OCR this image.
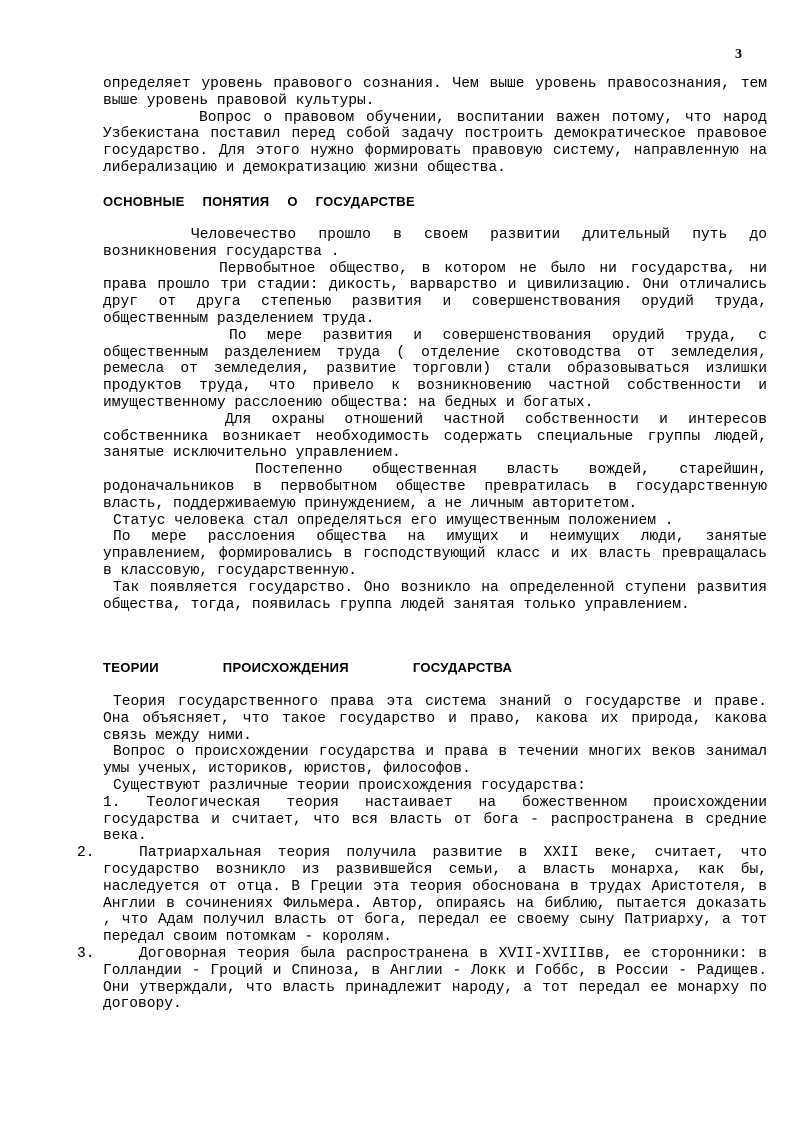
3

определяет уровень правового сознания. Чем выше уровень правосознания, тем выше уровень правовой культуры.

Вопрос о правовом обучении, воспитании важен потому, что народ Узбекистана поставил перед собой задачу построить демократическое правовое государство. Для этого нужно формировать правовую систему, направленную на либерализацию и демократизацию жизни общества.

ОСНОВНЫЕ ПОНЯТИЯ О ГОСУДАРСТВЕ

Человечество прошло в своем развитии длительный путь до возникновения государства .

Первобытное общество, в котором не было ни государства, ни права прошло три стадии: дикость, варварство и цивилизацию. Они отличались друг от друга степенью развития и совершенствования орудий труда, общественным разделением труда.

По мере развития и совершенствования орудий труда, с общественным разделением труда ( отделение скотоводства от земледелия, ремесла от земледелия, развитие торговли) стали образовываться излишки продуктов труда, что привело к возникновению частной собственности и имущественному расслоению общества: на бедных и богатых.

Для охраны отношений частной собственности и интересов собственника возникает необходимость содержать специальные группы людей, занятые исключительно управлением.

Постепенно общественная власть вождей, старейшин, родоначальников в первобытном обществе превратилась в государственную власть, поддерживаемую принуждением, а не личным авторитетом.

Статус человека стал определяться его имущественным положением .

По мере расслоения общества на имущих и неимущих люди, занятые управлением, формировались в господствующий класс и их власть превращалась в классовую, государственную.

Так появляется государство. Оно возникло на определенной ступени развития общества, тогда, появилась группа людей занятая только управлением.

ТЕОРИИ ПРОИСХОЖДЕНИЯ ГОСУДАРСТВА

Теория государственного права эта система знаний о государстве и праве. Она объясняет, что такое государство и право, какова их природа, какова связь между ними.

Вопрос о происхождении государства и права в течении многих веков занимал умы ученых, историков, юристов, философов.

Существуют различные теории происхождения государства:

1. Теологическая теория настаивает на божественном происхождении государства и считает, что вся власть от бога - распространена в средние века.

2.	Патриархальная теория получила развитие в XXII веке, считает, что государство возникло из развившейся семьи, а власть монарха, как бы, наследуется от отца. В Греции эта теория обоснована в трудах Аристотеля, в Англии в сочинениях Фильмера. Автор, опираясь на библию, пытается доказать , что Адам получил власть от бога, передал ее своему сыну Патриарху, а тот передал своим потомкам - королям.

3.	Договорная теория была распространена в XVII-XVIIIвв, ее сторонники: в Голландии - Гроций и Спиноза, в Англии - Локк и Гоббс, в России - Радищев. Они утверждали, что власть принадлежит народу, а тот передал ее монарху по договору.
